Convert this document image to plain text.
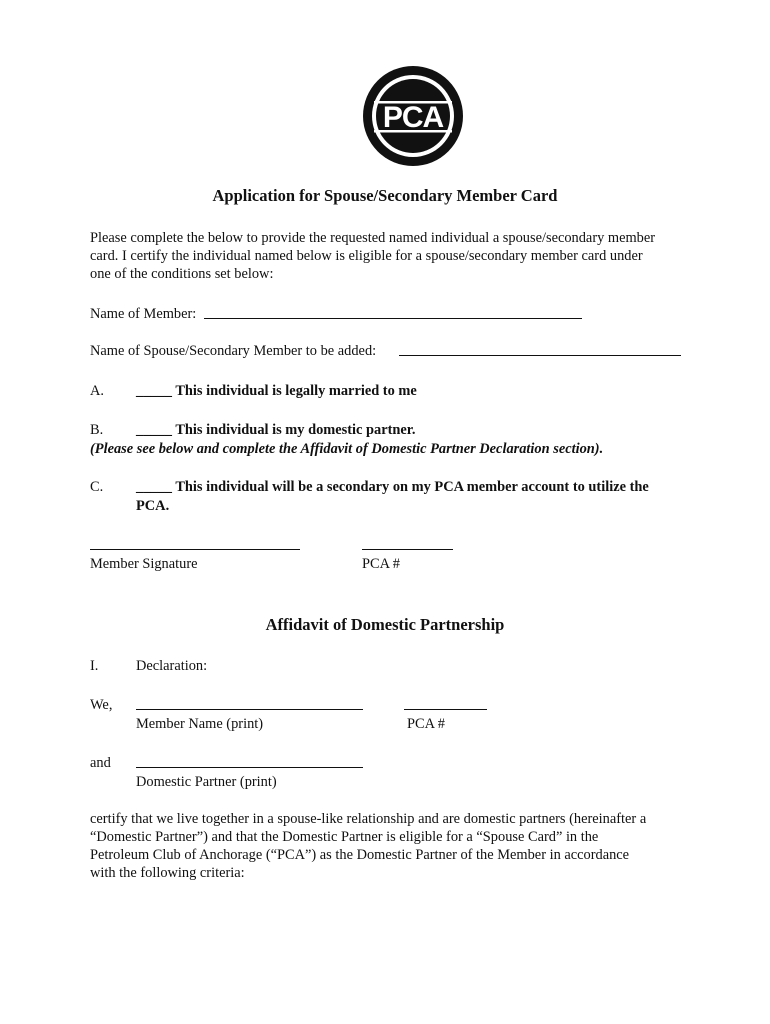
PCA
Application for Spouse/Secondary Member Card
Please complete the below to provide the requested named individual a spouse/secondary member
card. I certify the individual named below is eligible for a spouse/secondary member card under
one of the conditions set below:
Name of Member:
Name of Spouse/Secondary Member to be added:
A. _____ This individual is legally married to me
B. _____ This individual is my domestic partner.
(Please see below and complete the Affidavit of Domestic Partner Declaration section).
C. _____ This individual will be a secondary on my PCA member account to utilize the
PCA.
Member Signature	PCA #
Affidavit of Domestic Partnership
I.	Declaration:
We,
Member Name (print)	PCA #
and
Domestic Partner (print)
certify that we live together in a spouse-like relationship and are domestic partners (hereinafter a
“Domestic Partner”) and that the Domestic Partner is eligible for a “Spouse Card” in the
Petroleum Club of Anchorage (“PCA”) as the Domestic Partner of the Member in accordance
with the following criteria:
